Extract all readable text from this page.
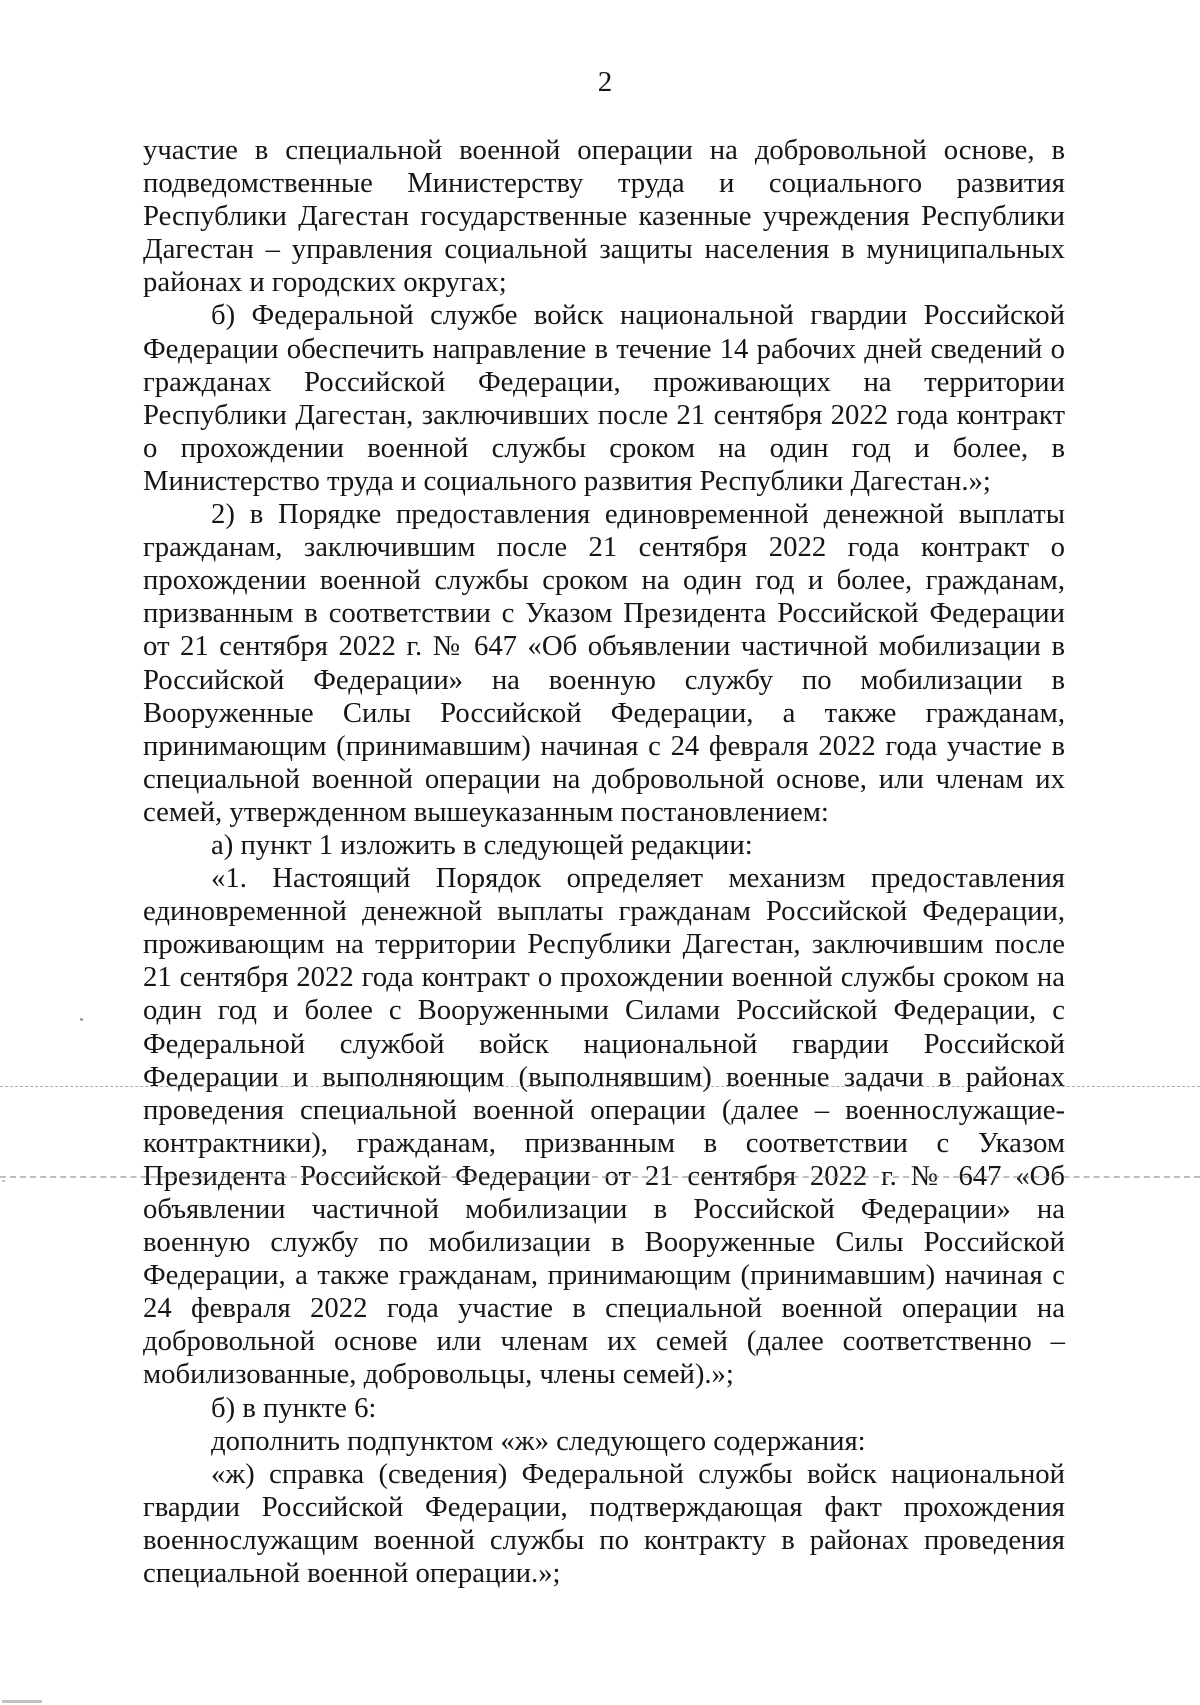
2

участие в специальной военной операции на добровольной основе, в подведомственные Министерству труда и социального развития Республики Дагестан государственные казенные учреждения Республики Дагестан – управления социальной защиты населения в муниципальных районах и городских округах;

б) Федеральной службе войск национальной гвардии Российской Федерации обеспечить направление в течение 14 рабочих дней сведений о гражданах Российской Федерации, проживающих на территории Республики Дагестан, заключивших после 21 сентября 2022 года контракт о прохождении военной службы сроком на один год и более, в Министерство труда и социального развития Республики Дагестан.»;

2) в Порядке предоставления единовременной денежной выплаты гражданам, заключившим после 21 сентября 2022 года контракт о прохождении военной службы сроком на один год и более, гражданам, призванным в соответствии с Указом Президента Российской Федерации от 21 сентября 2022 г. № 647 «Об объявлении частичной мобилизации в Российской Федерации» на военную службу по мобилизации в Вооруженные Силы Российской Федерации, а также гражданам, принимающим (принимавшим) начиная с 24 февраля 2022 года участие в специальной военной операции на добровольной основе, или членам их семей, утвержденном вышеуказанным постановлением:

а) пункт 1 изложить в следующей редакции:

«1. Настоящий Порядок определяет механизм предоставления единовременной денежной выплаты гражданам Российской Федерации, проживающим на территории Республики Дагестан, заключившим после 21 сентября 2022 года контракт о прохождении военной службы сроком на один год и более с Вооруженными Силами Российской Федерации, с Федеральной службой войск национальной гвардии Российской Федерации и выполняющим (выполнявшим) военные задачи в районах проведения специальной военной операции (далее – военнослужащие-контрактники), гражданам, призванным в соответствии с Указом Президента Российской Федерации от 21 сентября 2022 г. № 647 «Об объявлении частичной мобилизации в Российской Федерации» на военную службу по мобилизации в Вооруженные Силы Российской Федерации, а также гражданам, принимающим (принимавшим) начиная с 24 февраля 2022 года участие в специальной военной операции на добровольной основе или членам их семей (далее соответственно – мобилизованные, добровольцы, члены семей).»;

б) в пункте 6:

дополнить подпунктом «ж» следующего содержания:

«ж) справка (сведения) Федеральной службы войск национальной гвардии Российской Федерации, подтверждающая факт прохождения военнослужащим военной службы по контракту в районах проведения специальной военной операции.»;
